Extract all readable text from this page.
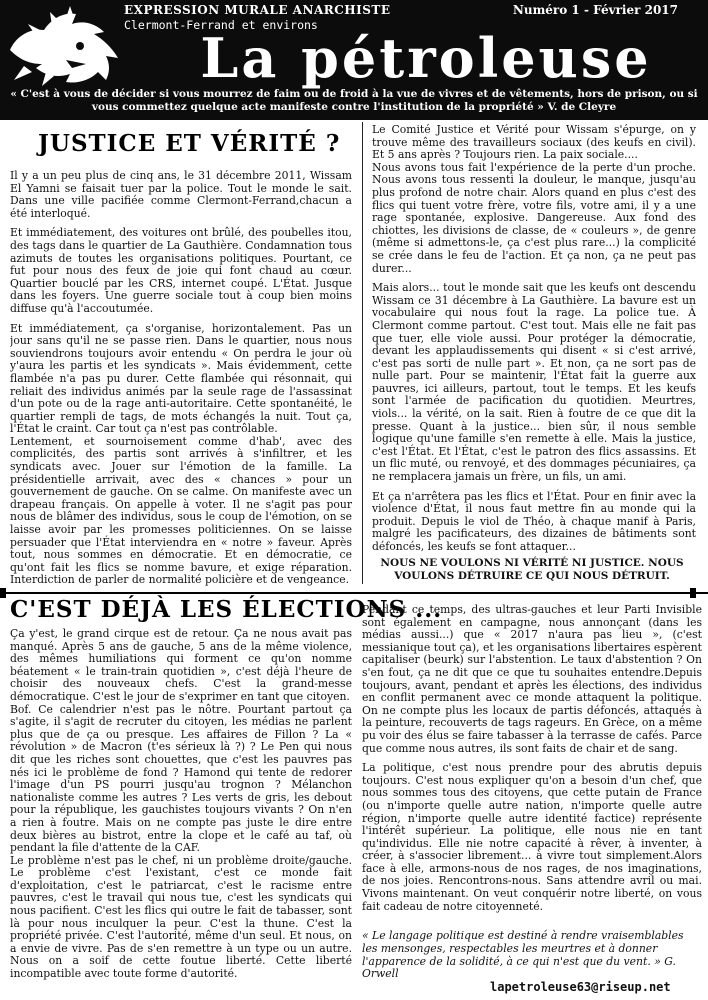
EXPRESSION MURALE ANARCHISTE
Clermont-Ferrand et environs
Numéro 1 - Février 2017
La pétroleuse
« C'est à vous de décider si vous mourrez de faim ou de froid à la vue de vivres et de vêtements, hors de prison, ou si vous commettez quelque acte manifeste contre l'institution de la propriété » V. de Cleyre
JUSTICE ET VÉRITÉ ?

Il y a un peu plus de cinq ans, le 31 décembre 2011, Wissam El Yamni se faisait tuer par la police. Tout le monde le sait. Dans une ville pacifiée comme Clermont-Ferrand,chacun a été interloqué.

Et immédiatement, des voitures ont brûlé, des poubelles itou, des tags dans le quartier de La Gauthière. Condamnation tous azimuts de toutes les organisations politiques. Pourtant, ce fut pour nous des feux de joie qui font chaud au cœur. Quartier bouclé par les CRS, internet coupé. L'État. Jusque dans les foyers. Une guerre sociale tout à coup bien moins diffuse qu'à l'accoutumée.

Et immédiatement, ça s'organise, horizontalement. Pas un jour sans qu'il ne se passe rien. Dans le quartier, nous nous souviendrons toujours avoir entendu « On perdra le jour où y'aura les partis et les syndicats ». Mais évidemment, cette flambée n'a pas pu durer. Cette flambée qui résonnait, qui reliait des individus animés par la seule rage de l'assassinat d'un pote ou de la rage anti-autoritaire. Cette spontanéité, le quartier rempli de tags, de mots échangés la nuit. Tout ça, l'État le craint. Car tout ça n'est pas contrôlable.

Lentement, et sournoisement comme d'hab', avec des complicités, des partis sont arrivés à s'infiltrer, et les syndicats avec. Jouer sur l'émotion de la famille. La présidentielle arrivait, avec des « chances » pour un gouvernement de gauche. On se calme. On manifeste avec un drapeau français. On appelle à voter. Il ne s'agit pas pour nous de blâmer des individus, sous le coup de l'émotion, on se laisse avoir par les promesses politiciennes. On se laisse persuader que l'État interviendra en « notre » faveur. Après tout, nous sommes en démocratie. Et en démocratie, ce qu'ont fait les flics se nomme bavure, et exige réparation. Interdiction de parler de normalité policière et de vengeance.

Le Comité Justice et Vérité pour Wissam s'épurge, on y trouve même des travailleurs sociaux (des keufs en civil). Et 5 ans après ? Toujours rien. La paix sociale....

Nous avons tous fait l'expérience de la perte d'un proche. Nous avons tous ressenti la douleur, le manque, jusqu'au plus profond de notre chair. Alors quand en plus c'est des flics qui tuent votre frère, votre fils, votre ami, il y a une rage spontanée, explosive. Dangereuse. Aux fond des chiottes, les divisions de classe, de « couleurs », de genre (même si admettons-le, ça c'est plus rare...) la complicité se crée dans le feu de l'action. Et ça non, ça ne peut pas durer...

Mais alors... tout le monde sait que les keufs ont descendu Wissam ce 31 décembre à La Gauthière. La bavure est un vocabulaire qui nous fout la rage. La police tue. À Clermont comme partout. C'est tout. Mais elle ne fait pas que tuer, elle viole aussi. Pour protéger la démocratie, devant les applaudissements qui disent « si c'est arrivé, c'est pas sorti de nulle part ». Et non, ça ne sort pas de nulle part. Pour se maintenir, l'État fait la guerre aux pauvres, ici ailleurs, partout, tout le temps. Et les keufs sont l'armée de pacification du quotidien. Meurtres, viols... la vérité, on la sait. Rien à foutre de ce que dit la presse. Quant à la justice... bien sûr, il nous semble logique qu'une famille s'en remette à elle. Mais la justice, c'est l'État. Et l'État, c'est le patron des flics assassins. Et un flic muté, ou renvoyé, et des dommages pécuniaires, ça ne remplacera jamais un frère, un fils, un ami.

Et ça n'arrêtera pas les flics et l'État. Pour en finir avec la violence d'État, il nous faut mettre fin au monde qui la produit. Depuis le viol de Théo, à chaque manif à Paris, malgré les pacificateurs, des dizaines de bâtiments sont défoncés, les keufs se font attaquer...

NOUS NE VOULONS NI VÉRITÉ NI JUSTICE. NOUS VOULONS DÉTRUIRE CE QUI NOUS DÉTRUIT.
C'EST DÉJÀ LES ÉLECTIONS ...

Ça y'est, le grand cirque est de retour. Ça ne nous avait pas manqué. Après 5 ans de gauche, 5 ans de la même violence, des mêmes humiliations qui forment ce qu'on nomme béatement « le train-train quotidien », c'est déjà l'heure de choisir des nouveaux chefs. C'est la grand-messe démocratique. C'est le jour de s'exprimer en tant que citoyen.

Bof. Ce calendrier n'est pas le nôtre. Pourtant partout ça s'agite, il s'agit de recruter du citoyen, les médias ne parlent plus que de ça ou presque. Les affaires de Fillon ? La « révolution » de Macron (t'es sérieux là ?) ? Le Pen qui nous dit que les riches sont chouettes, que c'est les pauvres pas nés ici le problème de fond ? Hamond qui tente de redorer l'image d'un PS pourri jusqu'au trognon ? Mélanchon nationaliste comme les autres ? Les verts de gris, les debout pour la république, les gauchistes toujours vivants ? On n'en a rien à foutre. Mais on ne compte pas juste le dire entre deux bières au bistrot, entre la clope et le café au taf, où pendant la file d'attente de la CAF.

Le problème n'est pas le chef, ni un problème droite/gauche. Le problème c'est l'existant, c'est ce monde fait d'exploitation, c'est le patriarcat, c'est le racisme entre pauvres, c'est le travail qui nous tue, c'est les syndicats qui nous pacifient. C'est les flics qui outre le fait de tabasser, sont là pour nous inculquer la peur. C'est la thune. C'est la propriété privée. C'est l'autorité, même d'un seul. Et nous, on a envie de vivre. Pas de s'en remettre à un type ou un autre. Nous on a soif de cette foutue liberté. Cette liberté incompatible avec toute forme d'autorité.

Pendant ce temps, des ultras-gauches et leur Parti Invisible sont également en campagne, nous annonçant (dans les médias aussi...) que « 2017 n'aura pas lieu », (c'est messianique tout ça), et les organisations libertaires espèrent capitaliser (beurk) sur l'abstention. Le taux d'abstention ? On s'en fout, ça ne dit que ce que tu souhaites entendre.Depuis toujours, avant, pendant et après les élections, des individus en conflit permanent avec ce monde attaquent la politique. On ne compte plus les locaux de partis défoncés, attaqués à la peinture, recouverts de tags rageurs. En Grèce, on a même pu voir des élus se faire tabasser à la terrasse de cafés. Parce que comme nous autres, ils sont faits de chair et de sang.

La politique, c'est nous prendre pour des abrutis depuis toujours. C'est nous expliquer qu'on a besoin d'un chef, que nous sommes tous des citoyens, que cette putain de France (ou n'importe quelle autre nation, n'importe quelle autre région, n'importe quelle autre identité factice) représente l'intérêt supérieur. La politique, elle nous nie en tant qu'individus. Elle nie notre capacité à rêver, à inventer, à créer, à s'associer librement... à vivre tout simplement.Alors face à elle, armons-nous de nos rages, de nos imaginations, de nos joies. Rencontrons-nous. Sans attendre avril ou mai. Vivons maintenant. On veut conquérir notre liberté, on vous fait cadeau de notre citoyenneté.

« Le langage politique est destiné à rendre vraisemblables les mensonges, respectables les meurtres et à donner l'apparence de la solidité, à ce qui n'est que du vent. » G. Orwell
lapetroleuse63@riseup.net
